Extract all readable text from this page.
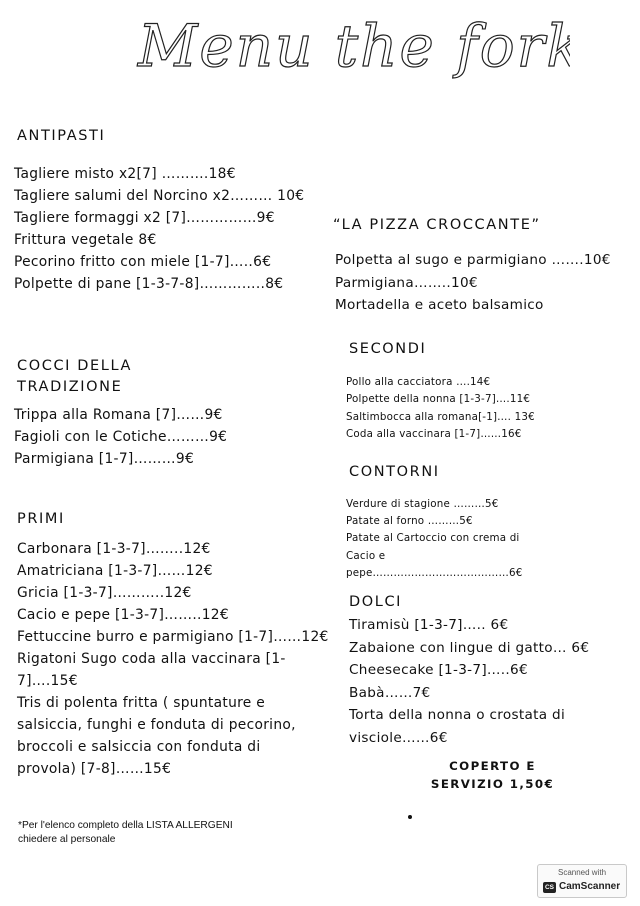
Menu the fork'
ANTIPASTI
Tagliere misto x2[7] ……….18€
Tagliere salumi del Norcino x2……… 10€
Tagliere formaggi x2 [7]……………9€
Frittura vegetale 8€
Pecorino fritto con miele [1-7]…..6€
Polpette di pane [1-3-7-8]…………..8€
COCCI DELLA
TRADIZIONE
Trippa alla Romana [7]……9€
Fagioli con le Cotiche………9€
Parmigiana [1-7]………9€
PRIMI
Carbonara [1-3-7]……..12€
Amatriciana [1-3-7]……12€
Gricia [1-3-7]………..12€
Cacio e pepe [1-3-7]……..12€
Fettuccine burro e parmigiano [1-7]……12€
Rigatoni Sugo coda alla vaccinara [1-7]….15€
Tris di polenta fritta ( spuntature e salsiccia, funghi e fonduta di pecorino, broccoli e salsiccia con fonduta di provola) [7-8]……15€
“LA PIZZA CROCCANTE”
Polpetta al sugo e parmigiano …….10€
Parmigiana……..10€
Mortadella e aceto balsamico
SECONDI
Pollo alla cacciatora ….14€
Polpette della nonna [1-3-7]….11€
Saltimbocca alla romana[-1]…. 13€
Coda alla vaccinara [1-7]……16€
CONTORNI
Verdure di stagione ………5€
Patate al forno ………5€
Patate al Cartoccio con crema di Cacio e pepe…………………………………6€
DOLCI
Tiramisù [1-3-7]….. 6€
Zabaione con lingue di gatto… 6€
Cheesecake [1-3-7]…..6€
Babà……7€
Torta della nonna o crostata di visciole……6€
COPERTO E
SERVIZIO 1,50€
*Per l'elenco completo della LISTA ALLERGENI
chiedere al personale
Scanned with
CS CamScanner
